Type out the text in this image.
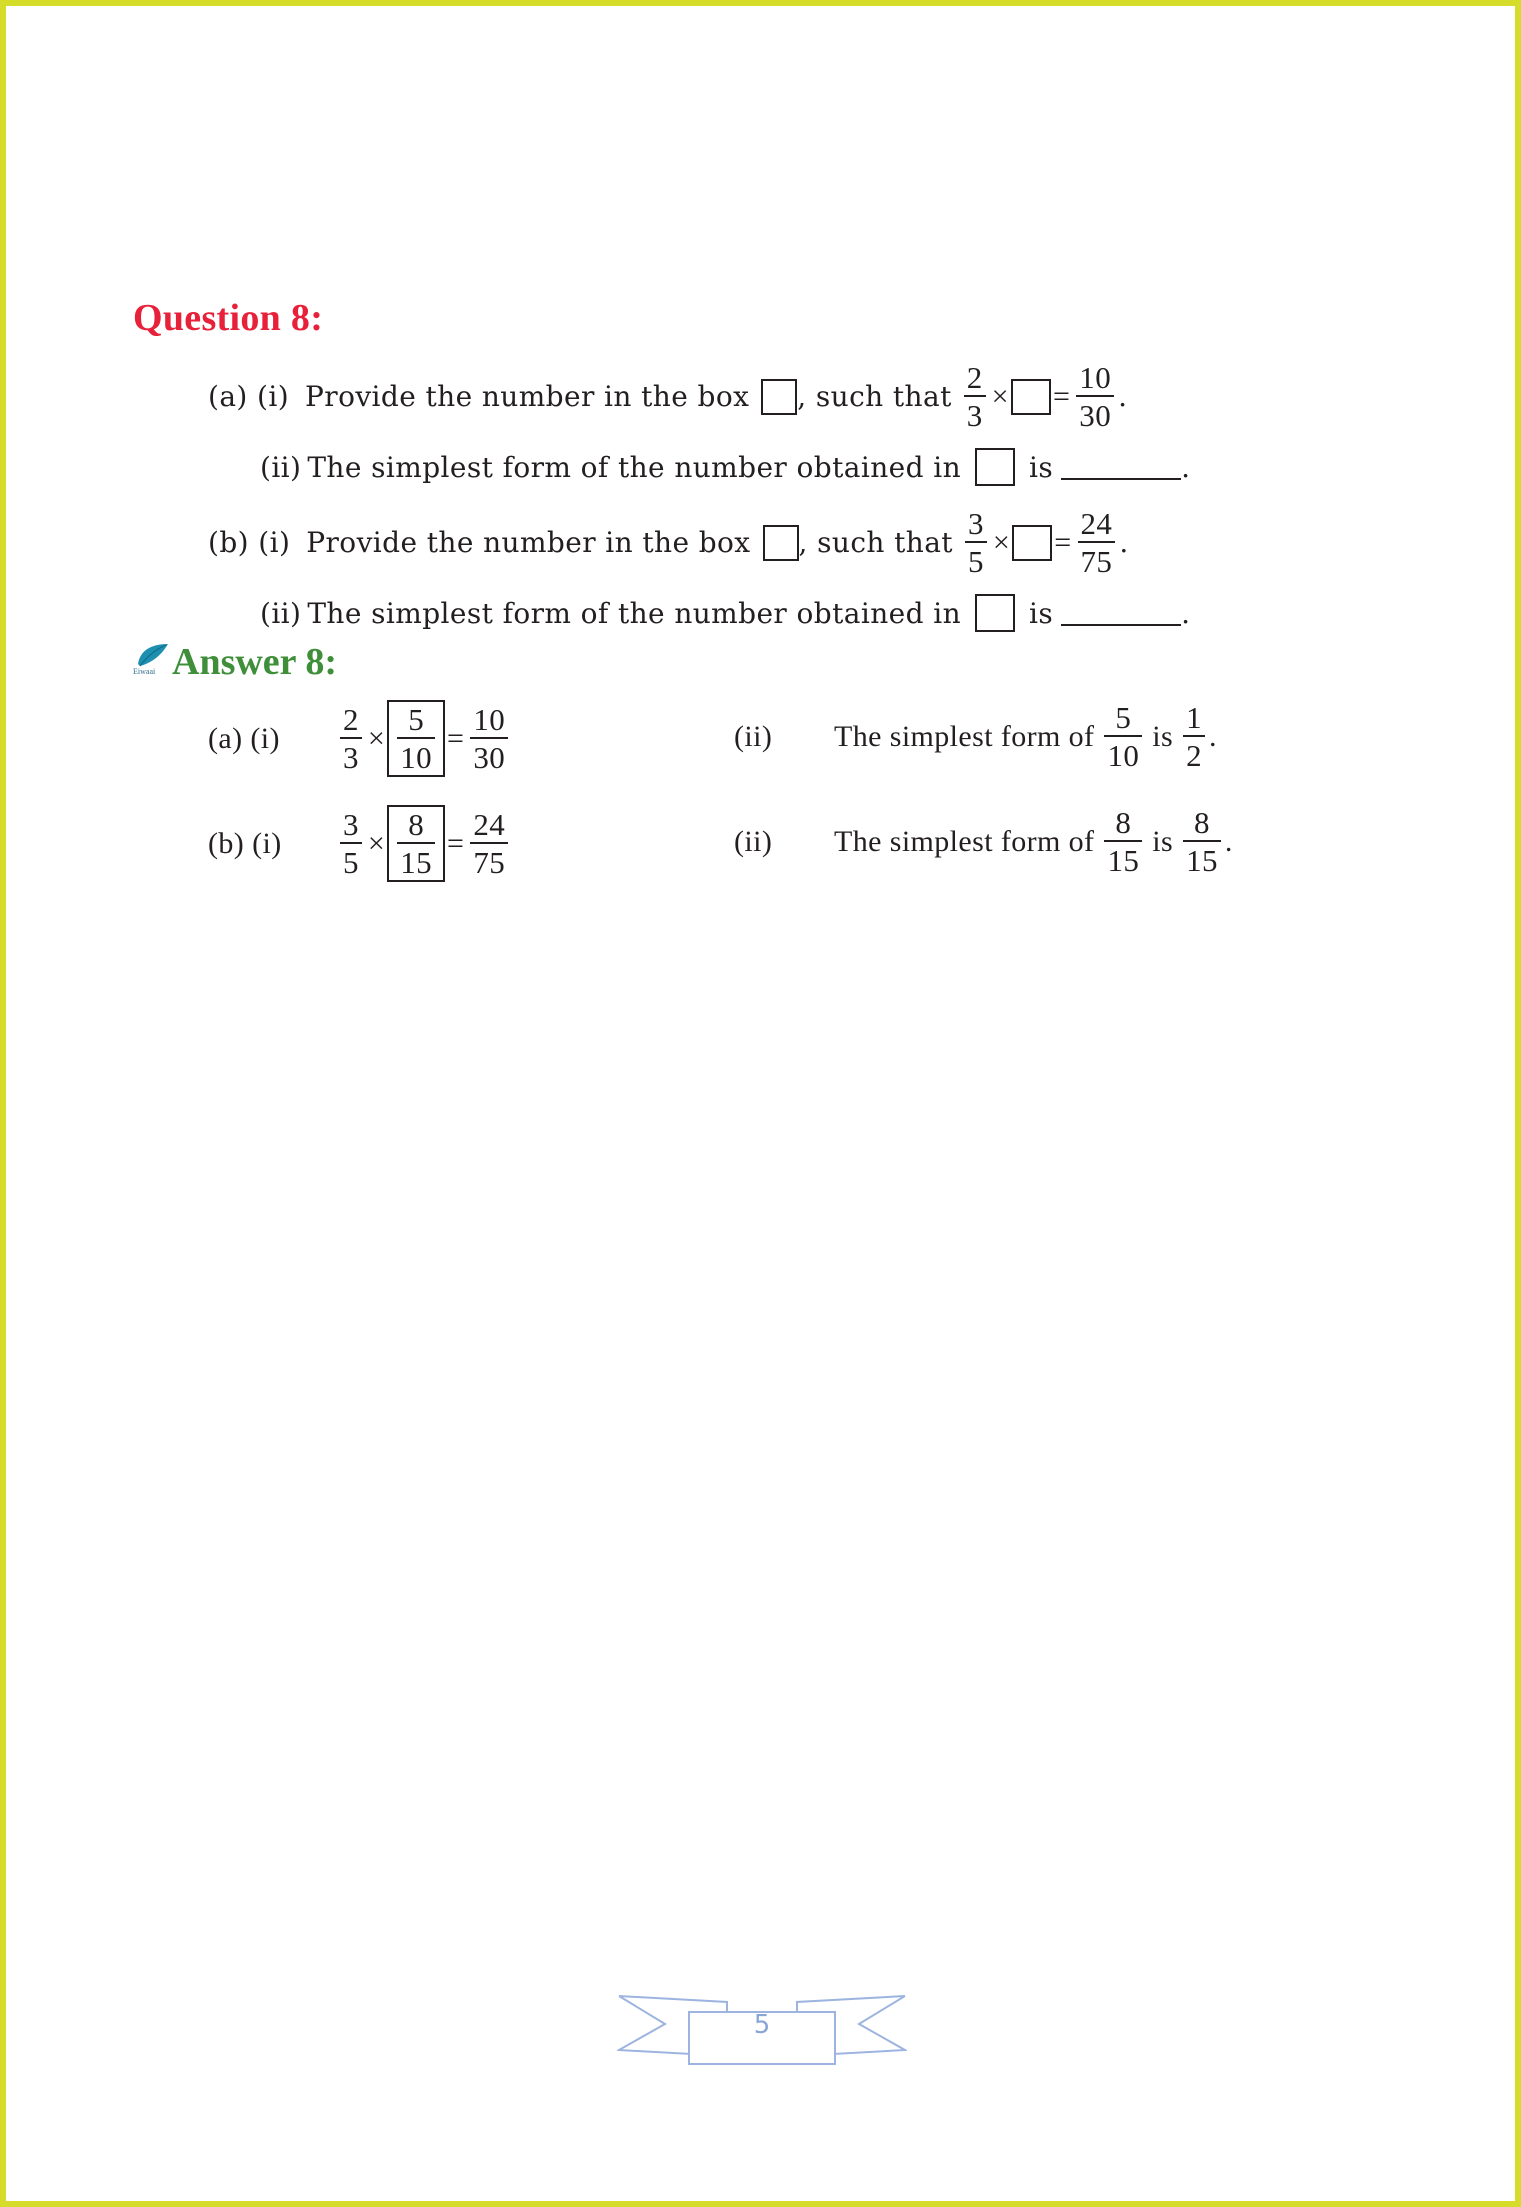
Question 8:
(a) (i) Provide the number in the box , such that $\frac{2}{3}$ × = $\frac{10}{30}$ .
(ii) The simplest form of the number obtained in is	.
(b) (i) Provide the number in the box , such that $\frac{3}{5}$ × = $\frac{24}{75}$ .
(ii) The simplest form of the number obtained in is	.
Eiwaai Answer 8:
(a) (i)	$\frac{2}{3} \times \frac{5}{10} = \frac{10}{30}$	(ii)	The simplest form of $\frac{5}{10}$ is $\frac{1}{2}$ .
(b) (i)	$\frac{3}{5} \times \frac{8}{15} = \frac{24}{75}$	(ii)	The simplest form of $\frac{8}{15}$ is $\frac{8}{15}$ .
5
